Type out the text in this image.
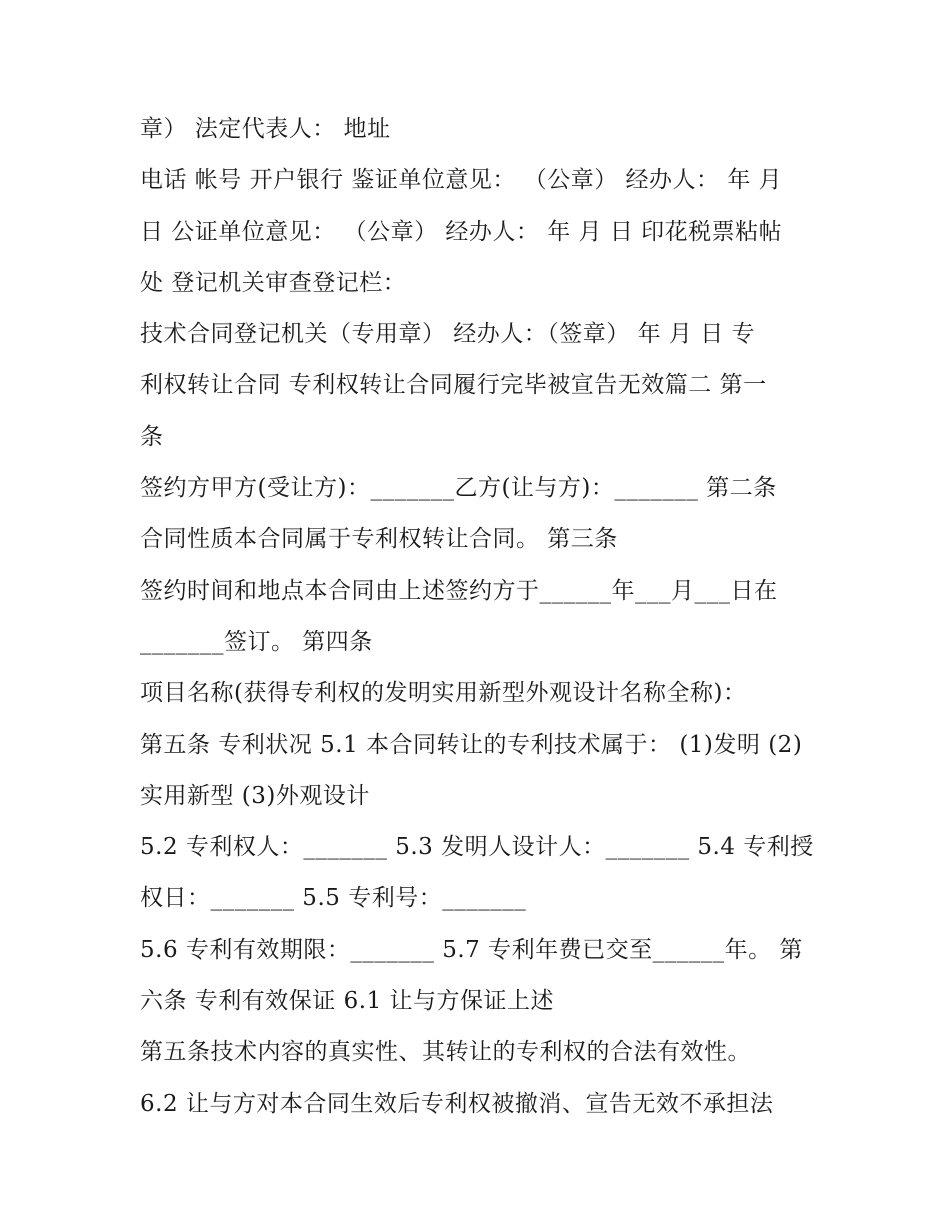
章） 法定代表人： 地址
电话 帐号 开户银行 鉴证单位意见： （公章） 经办人： 年 月
日 公证单位意见： （公章） 经办人： 年 月 日 印花税票粘帖
处 登记机关审查登记栏：
技术合同登记机关（专用章） 经办人：（签章） 年 月 日 专
利权转让合同 专利权转让合同履行完毕被宣告无效篇二 第一
条
签约方甲方(受让方)：_______乙方(让与方)：_______ 第二条
合同性质本合同属于专利权转让合同。 第三条
签约时间和地点本合同由上述签约方于______年___月___日在
_______签订。 第四条
项目名称(获得专利权的发明实用新型外观设计名称全称)：
第五条 专利状况 5.1 本合同转让的专利技术属于： (1)发明 (2)
实用新型 (3)外观设计
5.2 专利权人：_______ 5.3 发明人设计人：_______ 5.4 专利授
权日：_______ 5.5 专利号：_______
5.6 专利有效期限：_______ 5.7 专利年费已交至______年。 第
六条 专利有效保证 6.1 让与方保证上述
第五条技术内容的真实性、其转让的专利权的合法有效性。
6.2 让与方对本合同生效后专利权被撤消、宣告无效不承担法
